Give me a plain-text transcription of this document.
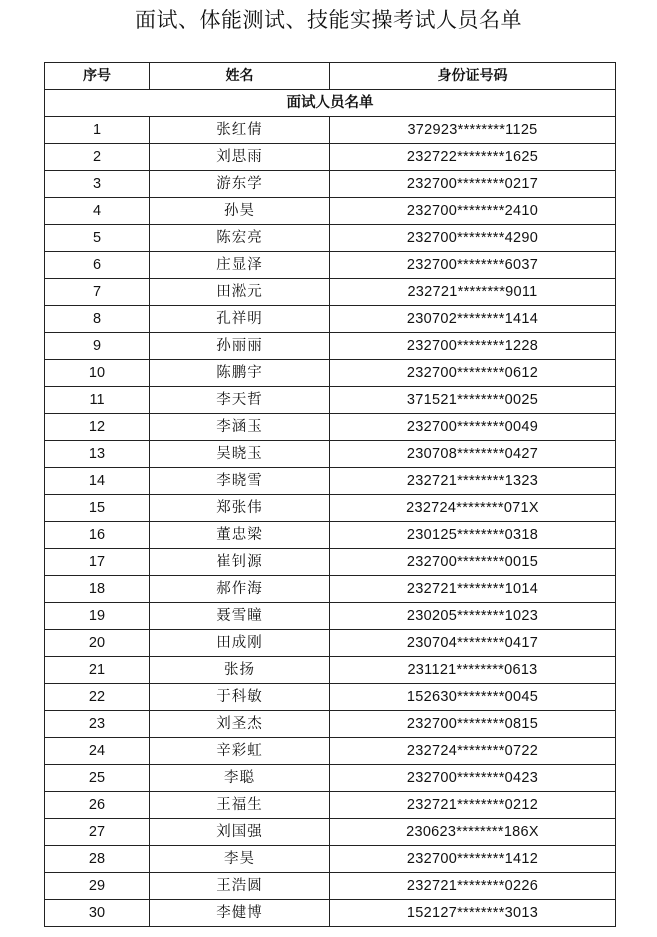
面试、体能测试、技能实操考试人员名单
序号	姓名	身份证号码
面试人员名单		
1	张红倩	372923********1125
2	刘思雨	232722********1625
3	游东学	232700********0217
4	孙昊	232700********2410
5	陈宏亮	232700********4290
6	庄显泽	232700********6037
7	田淞元	232721********9011
8	孔祥明	230702********1414
9	孙丽丽	232700********1228
10	陈鹏宇	232700********0612
11	李天哲	371521********0025
12	李涵玉	232700********0049
13	吴晓玉	230708********0427
14	李晓雪	232721********1323
15	郑张伟	232724********071X
16	董忠梁	230125********0318
17	崔钊源	232700********0015
18	郝作海	232721********1014
19	聂雪瞳	230205********1023
20	田成刚	230704********0417
21	张扬	231121********0613
22	于科敏	152630********0045
23	刘圣杰	232700********0815
24	辛彩虹	232724********0722
25	李聪	232700********0423
26	王福生	232721********0212
27	刘国强	230623********186X
28	李昊	232700********1412
29	王浩圆	232721********0226
30	李健博	152127********3013
